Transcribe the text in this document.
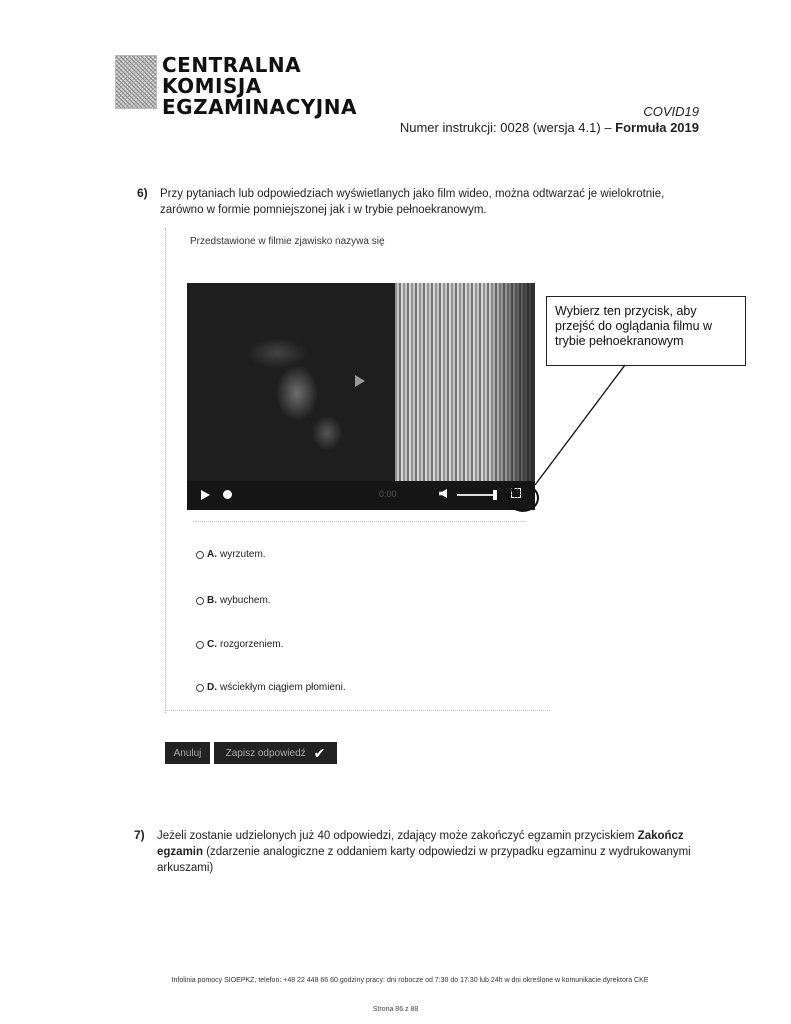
CENTRALNA
KOMISJA
EGZAMINACYJNA	COVID19
Numer instrukcji: 0028 (wersja 4.1) – Formuła 2019
6) Przy pytaniach lub odpowiedziach wyświetlanych jako film wideo, można odtwarzać je wielokrotnie,
zarówno w formie pomniejszonej jak i w trybie pełnoekranowym.
Przedstawione w filmie zjawisko nazywa się
0:00
Wybierz ten przycisk, aby przejść do oglądania filmu w trybie pełnoekranowym
A. wyrzutem.
B. wybuchem.
C. rozgorzeniem.
D. wściekłym ciągiem płomieni.
Anuluj	Zapisz odpowiedź ✔
7) Jeżeli zostanie udzielonych już 40 odpowiedzi, zdający może zakończyć egzamin przyciskiem Zakończ
egzamin (zdarzenie analogiczne z oddaniem karty odpowiedzi w przypadku egzaminu z wydrukowanymi
arkuszami)
Infolinia pomocy SIOEPKZ, telefon: +48 22 448 66 60 godziny pracy: dni robocze od 7:30 do 17:30 lub 24h w dni określone w komunikacie dyrektora CKE
Strona 86 z 88
